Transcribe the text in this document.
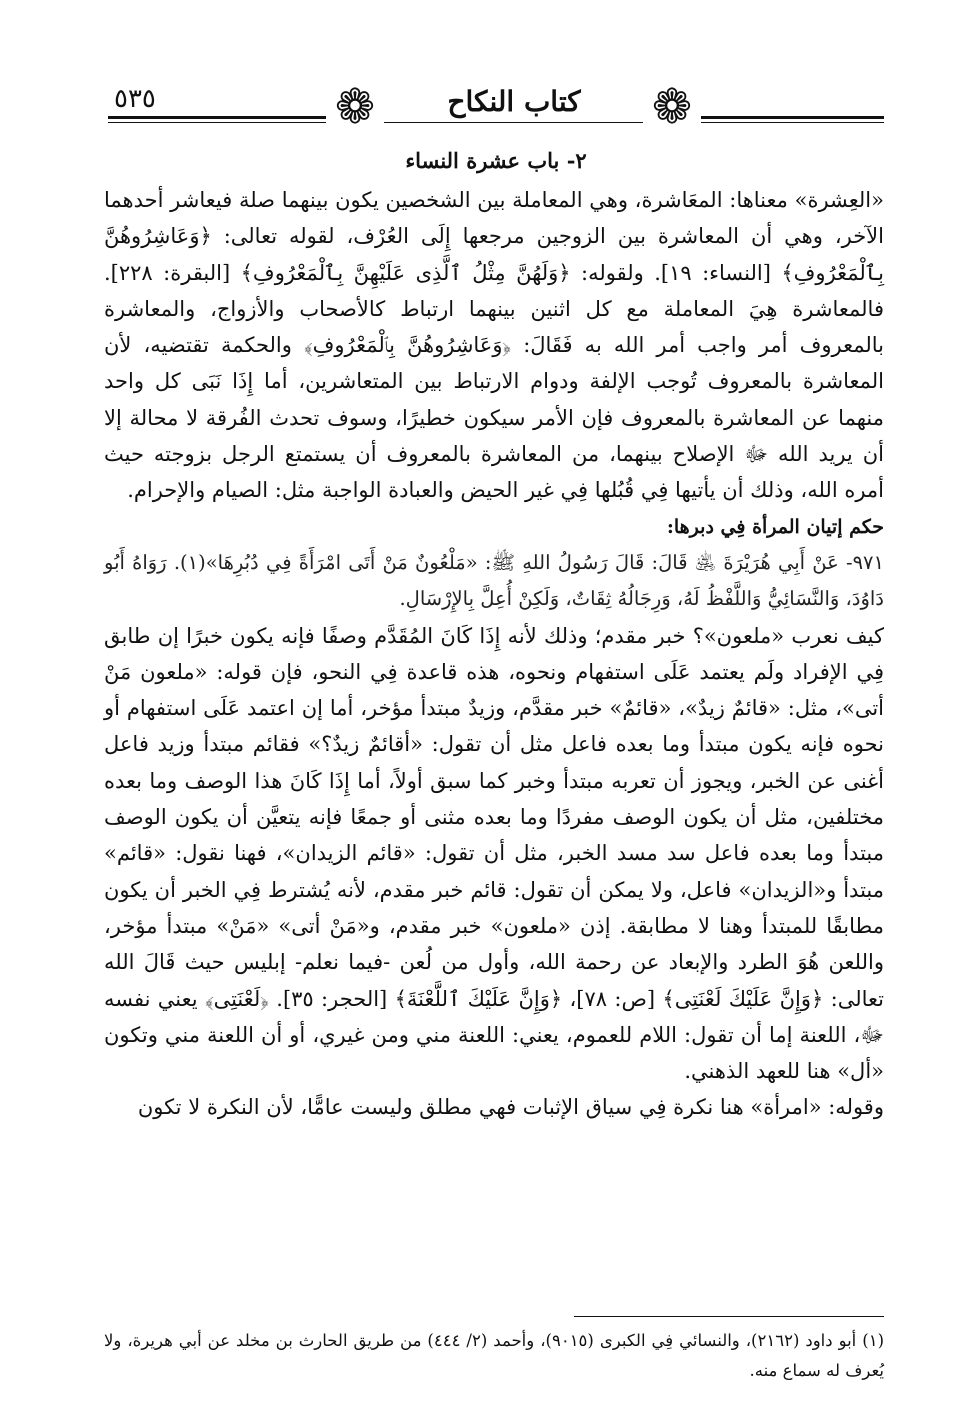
٥٣٥	❁	كتاب النكاح	❁
٢- باب عشرة النساء

«العِشرة» معناها: المعَاشرة، وهي المعاملة بين الشخصين يكون بينهما صلة فيعاشر أحدهما الآخر، وهي أن المعاشرة بين الزوجين مرجعها إِلَى العُرْف، لقوله تعالى: ﴿وَعَاشِرُوهُنَّ بِٱلْمَعْرُوفِ﴾ [النساء: ١٩]. ولقوله: ﴿وَلَهُنَّ مِثْلُ ٱلَّذِى عَلَيْهِنَّ بِٱلْمَعْرُوفِ﴾ [البقرة: ٢٢٨]. فالمعاشرة هِيَ المعاملة مع كل اثنين بينهما ارتباط كالأصحاب والأزواج، والمعاشرة بالمعروف أمر واجب أمر الله به فَقَالَ: ﴿وَعَاشِرُوهُنَّ بِٱلْمَعْرُوفِ﴾ والحكمة تقتضيه، لأن المعاشرة بالمعروف تُوجب الإلفة ودوام الارتباط بين المتعاشرين، أما إِذَا نَبَى كل واحد منهما عن المعاشرة بالمعروف فإن الأمر سيكون خطيرًا، وسوف تحدث الفُرقة لا محالة إلا أن يريد الله ﷻ الإصلاح بينهما، من المعاشرة بالمعروف أن يستمتع الرجل بزوجته حيث أمره الله، وذلك أن يأتيها فِي قُبُلها فِي غير الحيض والعبادة الواجبة مثل: الصيام والإحرام.

حكم إتيان المرأة فِي دبرها:

٩٧١- عَنْ أَبِي هُرَيْرَةَ ﵁ قَالَ: قَالَ رَسُولُ اللهِ ﷺ: «مَلْعُونٌ مَنْ أَتَى امْرَأَةً فِي دُبُرِهَا»(١). رَوَاهُ أَبُو دَاوُدَ، وَالنَّسَائِيُّ وَاللَّفْظُ لَهُ، وَرِجَالُهُ ثِقَاتٌ، وَلَكِنْ أُعِلَّ بِالإِرْسَالِ.

كيف نعرب «ملعون»؟ خبر مقدم؛ وذلك لأنه إِذَا كَانَ المُقَدَّم وصفًا فإنه يكون خبرًا إن طابق فِي الإفراد ولَم يعتمد عَلَى استفهام ونحوه، هذه قاعدة فِي النحو، فإن قوله: «ملعون مَنْ أتى»، مثل: «قائمٌ زيدٌ»، «قائمٌ» خبر مقدَّم، وزيدٌ مبتدأ مؤخر، أما إن اعتمد عَلَى استفهام أو نحوه فإنه يكون مبتدأ وما بعده فاعل مثل أن تقول: «أقائمٌ زيدٌ؟» فقائم مبتدأ وزيد فاعل أغنى عن الخبر، ويجوز أن تعربه مبتدأ وخبر كما سبق أولاً، أما إِذَا كَانَ هذا الوصف وما بعده مختلفين، مثل أن يكون الوصف مفردًا وما بعده مثنى أو جمعًا فإنه يتعيَّن أن يكون الوصف مبتدأ وما بعده فاعل سد مسد الخبر، مثل أن تقول: «قائم الزيدان»، فهنا نقول: «قائم» مبتدأ و«الزيدان» فاعل، ولا يمكن أن تقول: قائم خبر مقدم، لأنه يُشترط فِي الخبر أن يكون مطابقًا للمبتدأ وهنا لا مطابقة. إذن «ملعون» خبر مقدم، و«مَنْ أتى» «مَنْ» مبتدأ مؤخر، واللعن هُوَ الطرد والإبعاد عن رحمة الله، وأول من لُعن -فيما نعلم- إبليس حيث قَالَ الله تعالى: ﴿وَإِنَّ عَلَيْكَ لَعْنَتِى﴾ [ص: ٧٨]، ﴿وَإِنَّ عَلَيْكَ ٱللَّعْنَةَ﴾ [الحجر: ٣٥]. ﴿لَعْنَتِى﴾ يعني نفسه ﷻ، اللعنة إما أن تقول: اللام للعموم، يعني: اللعنة مني ومن غيري، أو أن اللعنة مني وتكون «أل» هنا للعهد الذهني.

وقوله: «امرأة» هنا نكرة فِي سياق الإثبات فهي مطلق وليست عامًّا، لأن النكرة لا تكون

(١) أبو داود (٢١٦٢)، والنسائي فِي الكبرى (٩٠١٥)، وأحمد (٢/ ٤٤٤) من طريق الحارث بن مخلد عن أبي هريرة، ولا يُعرف له سماع منه.
